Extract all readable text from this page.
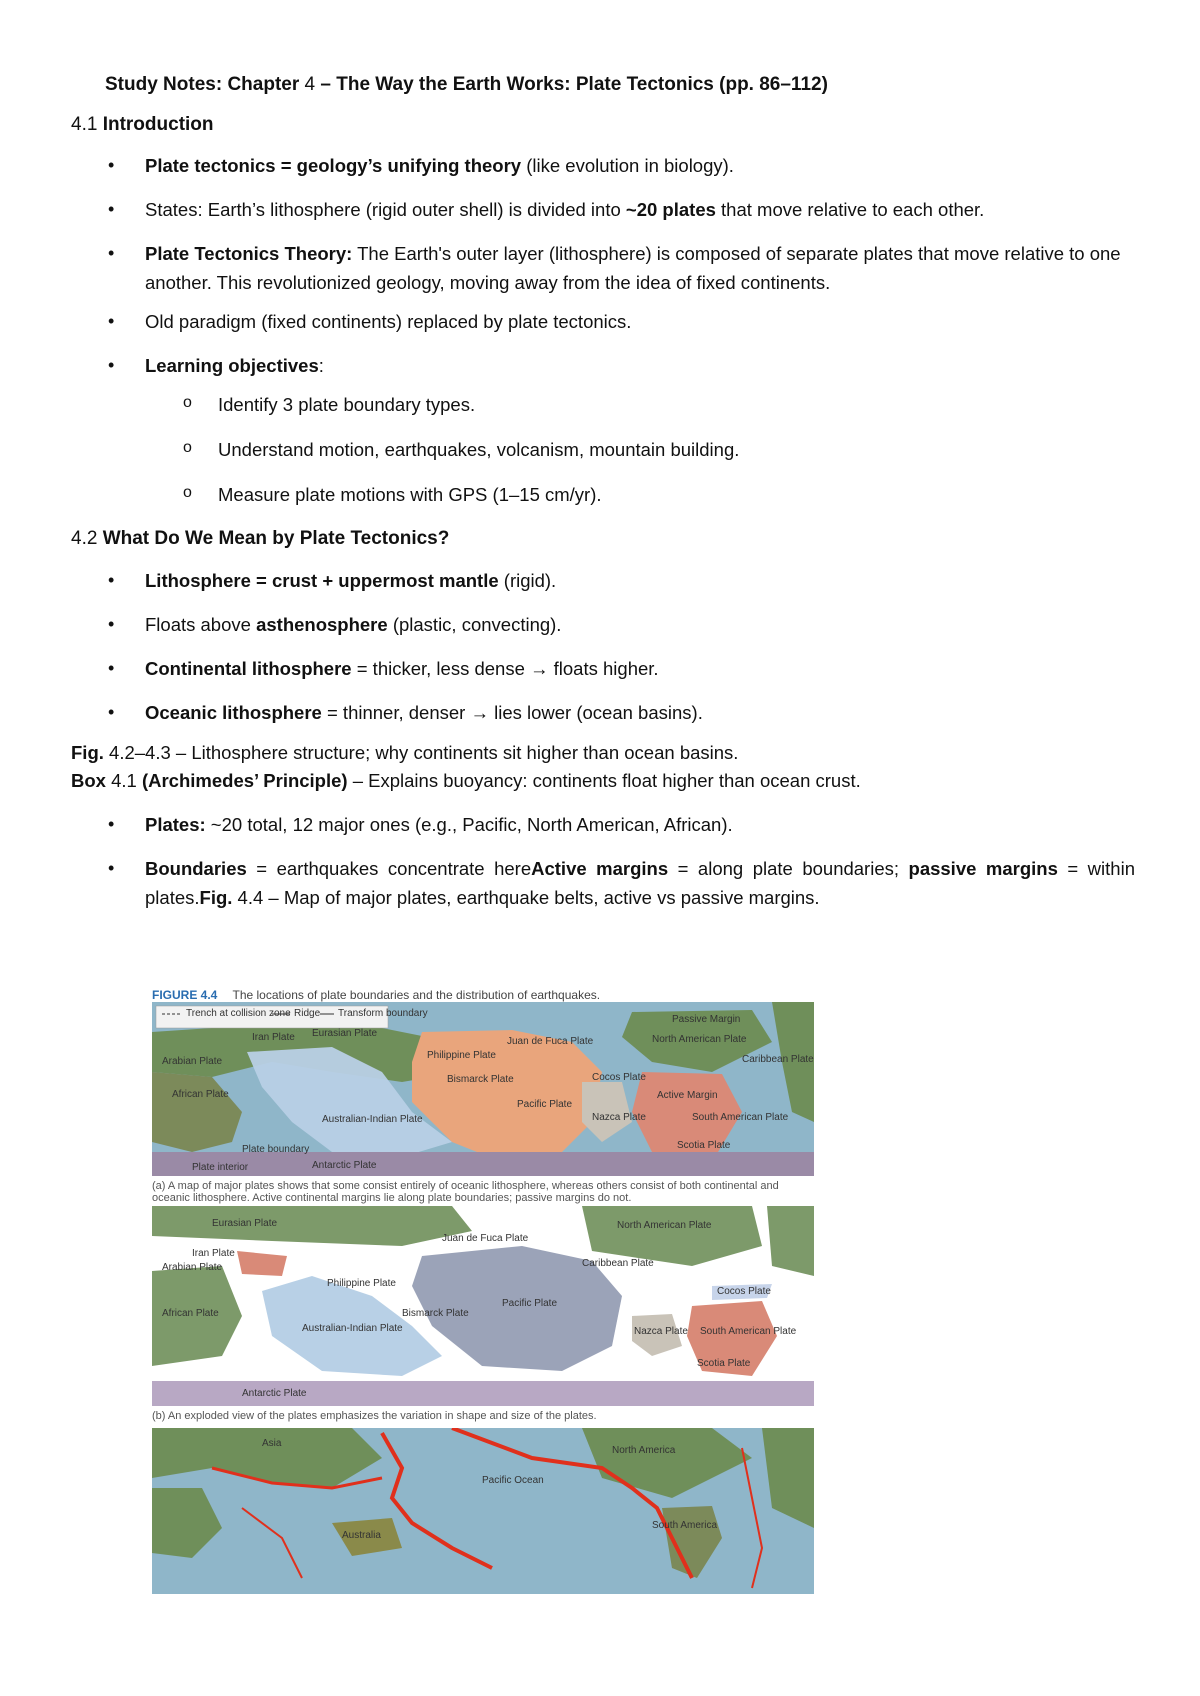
Study Notes: Chapter 4 – The Way the Earth Works: Plate Tectonics (pp. 86–112)
4.1 Introduction
• Plate tectonics = geology’s unifying theory (like evolution in biology).
• States: Earth’s lithosphere (rigid outer shell) is divided into ~20 plates that move relative to each other.
• Plate Tectonics Theory: The Earth's outer layer (lithosphere) is composed of separate plates that move relative to one another. This revolutionized geology, moving away from the idea of fixed continents.
• Old paradigm (fixed continents) replaced by plate tectonics.
• Learning objectives:
o Identify 3 plate boundary types.
o Understand motion, earthquakes, volcanism, mountain building.
o Measure plate motions with GPS (1–15 cm/yr).
4.2 What Do We Mean by Plate Tectonics?
• Lithosphere = crust + uppermost mantle (rigid).
• Floats above asthenosphere (plastic, convecting).
• Continental lithosphere = thicker, less dense → floats higher.
• Oceanic lithosphere = thinner, denser → lies lower (ocean basins).
Fig. 4.2–4.3 – Lithosphere structure; why continents sit higher than ocean basins.
Box 4.1 (Archimedes’ Principle) – Explains buoyancy: continents float higher than ocean crust.
• Plates: ~20 total, 12 major ones (e.g., Pacific, North American, African).
• Boundaries = earthquakes concentrate hereActive margins = along plate boundaries; passive margins = within plates.Fig. 4.4 – Map of major plates, earthquake belts, active vs passive margins.
FIGURE 4.4 The locations of plate boundaries and the distribution of earthquakes.
Trench at collision zone Ridge Transform boundary
Iran Plate Eurasian Plate
Philippine Plate
Juan de Fuca Plate	North American Plate
Passive Margin
Caribbean Plate
Arabian Plate
African Plate
Bismarck Plate
Pacific Plate
Cocos Plate
Active Margin
South American Plate
Australian-Indian Plate	Nazca Plate
Scotia Plate
Plate boundary
Plate interior	Antarctic Plate
(a) A map of major plates shows that some consist entirely of oceanic lithosphere, whereas others consist of both continental and oceanic lithosphere. Active continental margins lie along plate boundaries; passive margins do not.
Eurasian Plate
Juan de Fuca Plate
North American Plate
Iran Plate
Arabian Plate	Caribbean Plate
Philippine Plate
Pacific Plate
Cocos Plate
African Plate	Bismarck Plate
Nazca Plate South American Plate
Australian-Indian Plate
Scotia Plate
Antarctic Plate
(b) An exploded view of the plates emphasizes the variation in shape and size of the plates.
Asia
Pacific Ocean
North America
Australia
South America
